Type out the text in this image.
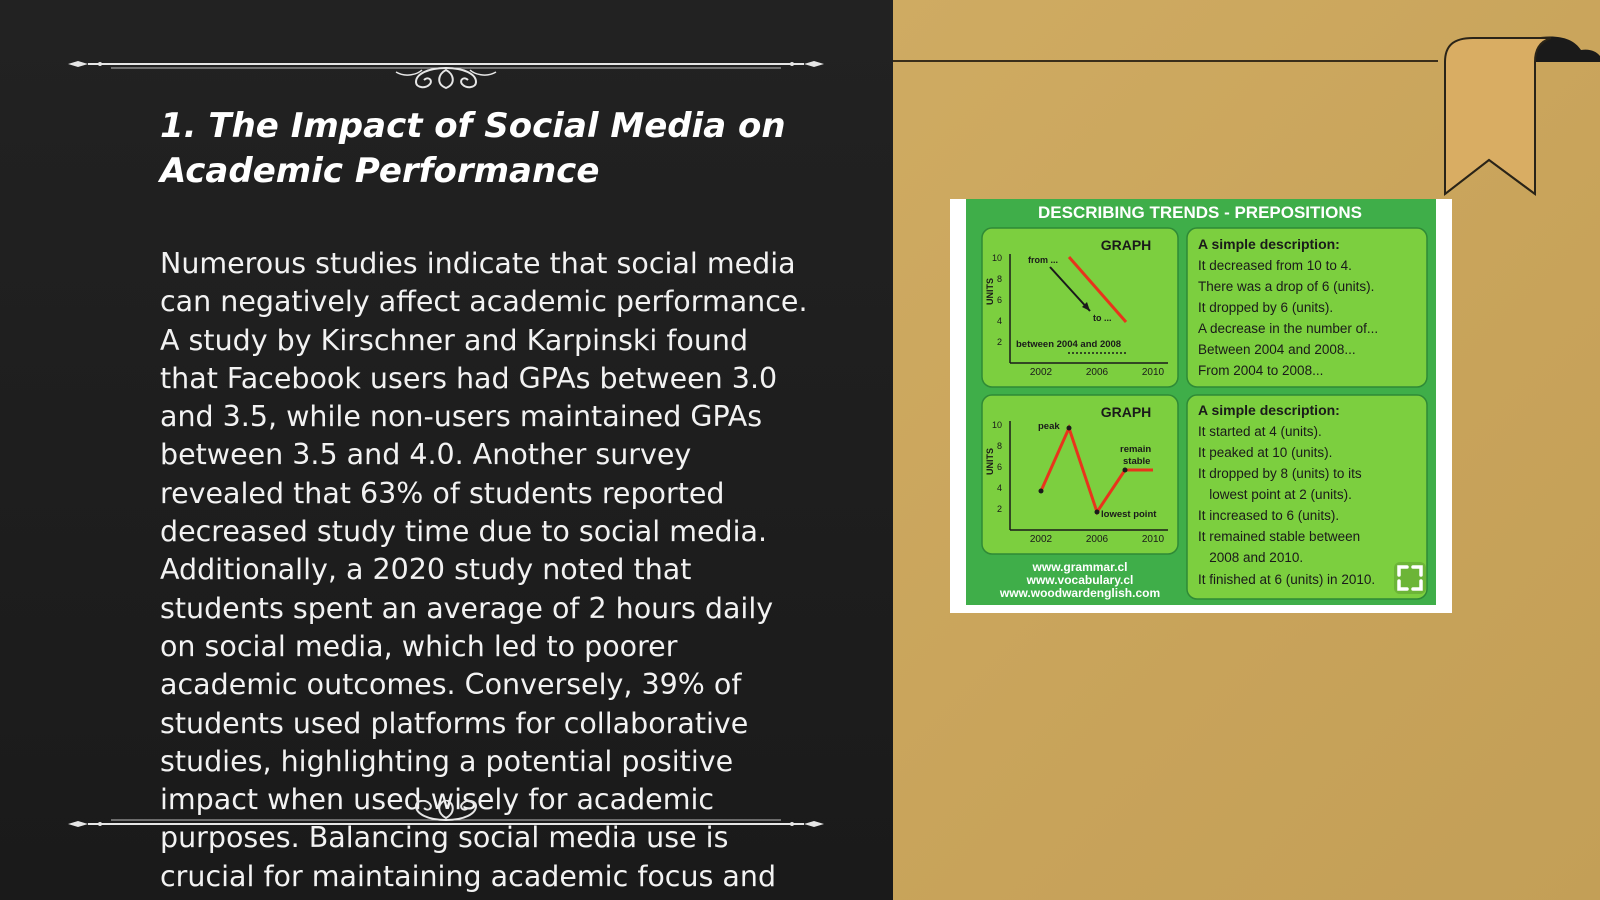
1. The Impact of Social Media on
Academic Performance

Numerous studies indicate that social media
can negatively affect academic performance.
A study by Kirschner and Karpinski found
that Facebook users had GPAs between 3.0
and 3.5, while non-users maintained GPAs
between 3.5 and 4.0. Another survey
revealed that 63% of students reported
decreased study time due to social media.
Additionally, a 2020 study noted that
students spent an average of 2 hours daily
on social media, which led to poorer
academic outcomes. Conversely, 39% of
students used platforms for collaborative
studies, highlighting a potential positive
impact when used wisely for academic
purposes. Balancing social media use is
crucial for maintaining academic focus and

DESCRIBING TRENDS - PREPOSITIONS
GRAPH
UNITS
10
8
6
4
2
2002	2006	2010
from ...
to ...
between 2004 and 2008
A simple description:
It decreased from 10 to 4.
There was a drop of 6 (units).
It dropped by 6 (units).
A decrease in the number of...
Between 2004 and 2008...
From 2004 to 2008...
GRAPH
UNITS
10
8
6
4
2
2002	2006	2010
peak
remain
stable
lowest point
A simple description:
It started at 4 (units).
It peaked at 10 (units).
It dropped by 8 (units) to its
lowest point at 2 (units).
It increased to 6 (units).
It remained stable between
2008 and 2010.
It finished at 6 (units) in 2010.
www.grammar.cl
www.vocabulary.cl
www.woodwardenglish.com
